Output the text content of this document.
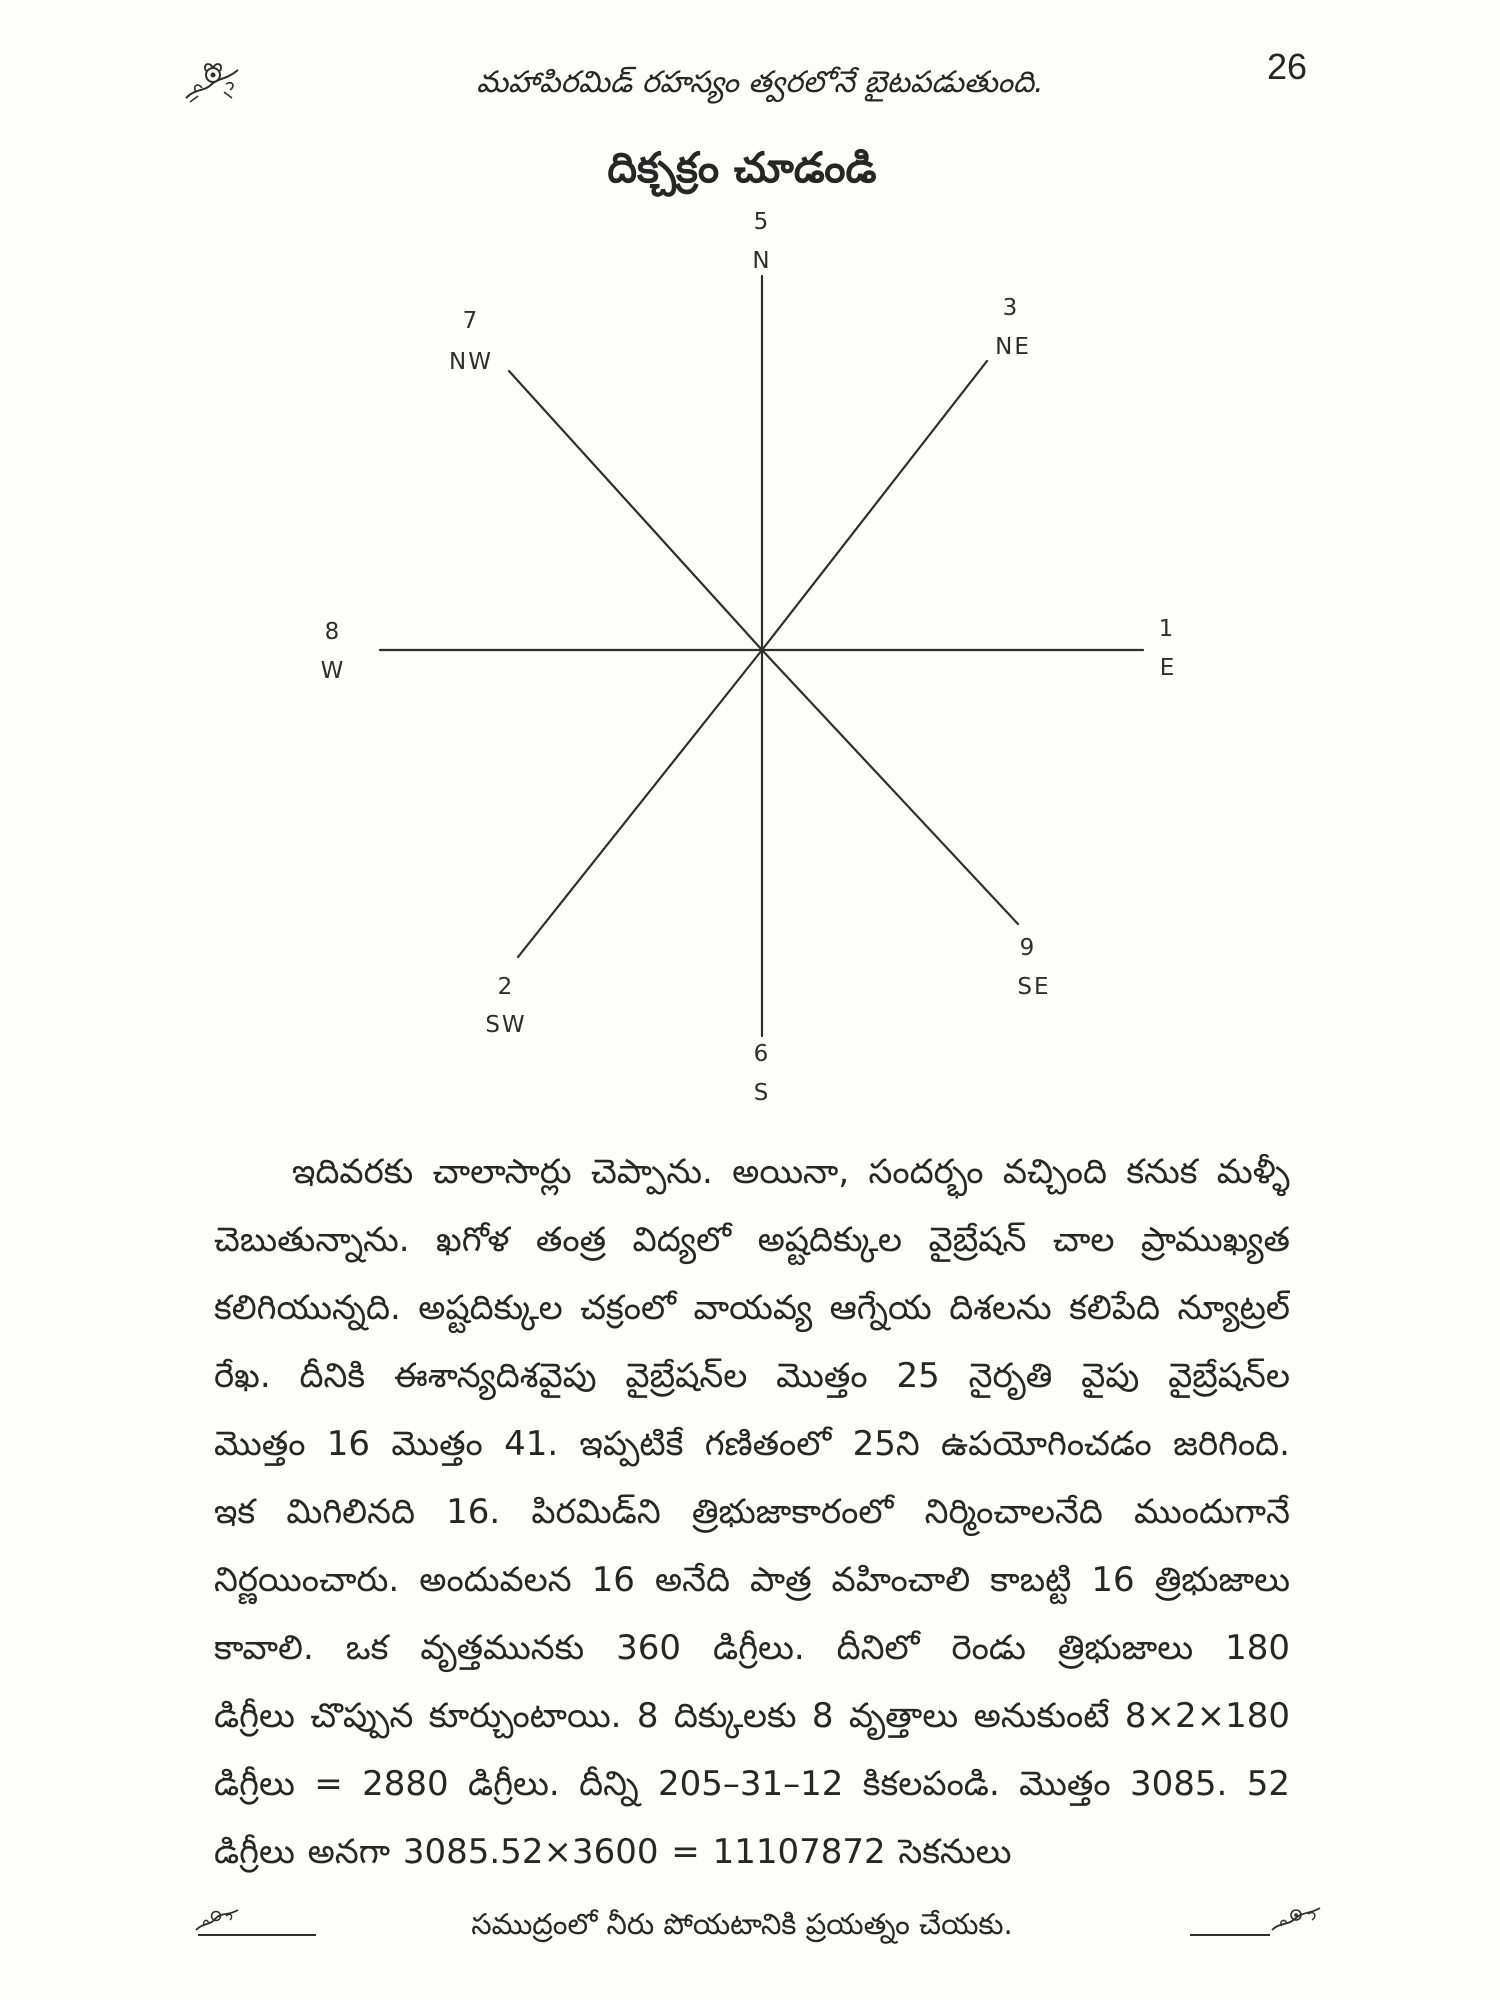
5
N
7
NW
3
NE
8
W
1
E
2
SW
9
SE
6
S
మహాపిరమిడ్ రహస్యం త్వరలోనే బైటపడుతుంది.	26
దిక్చక్రం చూడండి
ఇదివరకు చాలాసార్లు చెప్పాను. అయినా, సందర్భం వచ్చింది కనుక మళ్ళీ
చెబుతున్నాను. ఖగోళ తంత్ర విద్యలో అష్టదిక్కుల వైబ్రేషన్ చాల ప్రాముఖ్యత
కలిగియున్నది. అష్టదిక్కుల చక్రంలో వాయవ్య ఆగ్నేయ దిశలను కలిపేది న్యూట్రల్
రేఖ. దీనికి ఈశాన్యదిశవైపు వైబ్రేషన్‌ల మొత్తం 25 నైరృతి వైపు వైబ్రేషన్‌ల
మొత్తం 16 మొత్తం 41. ఇప్పటికే గణితంలో 25ని ఉపయోగించడం జరిగింది.
ఇక మిగిలినది 16. పిరమిడ్‌ని త్రిభుజాకారంలో నిర్మించాలనేది ముందుగానే
నిర్ణయించారు. అందువలన 16 అనేది పాత్ర వహించాలి కాబట్టి 16 త్రిభుజాలు
కావాలి. ఒక వృత్తమునకు 360 డిగ్రీలు. దీనిలో రెండు త్రిభుజాలు 180
డిగ్రీలు చొప్పున కూర్చుంటాయి. 8 దిక్కులకు 8 వృత్తాలు అనుకుంటే 8×2×180
డిగ్రీలు = 2880 డిగ్రీలు. దీన్ని 205–31–12 కికలపండి. మొత్తం 3085. 52
డిగ్రీలు అనగా 3085.52×3600 = 11107872 సెకనులు
సముద్రంలో నీరు పోయటానికి ప్రయత్నం చేయకు.
